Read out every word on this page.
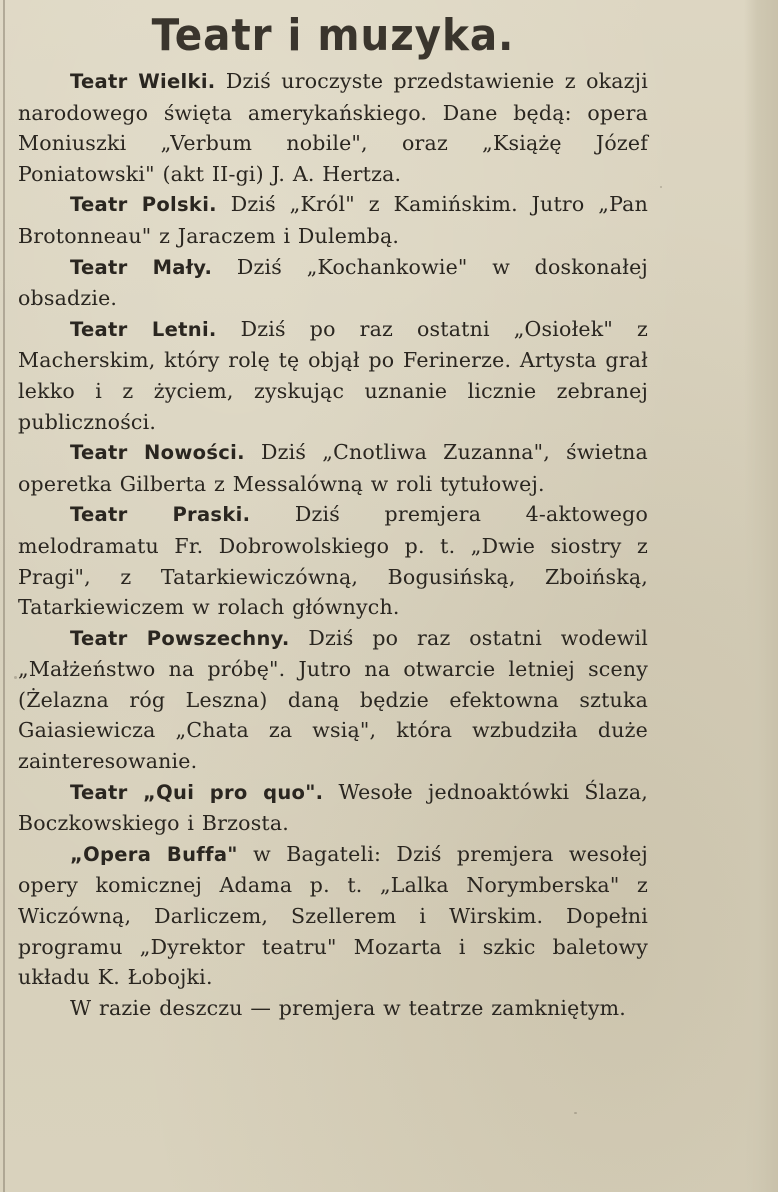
Teatr i muzyka.

Teatr Wielki. Dziś uroczyste przedstawienie z okazji narodowego święta amerykańskiego. Dane będą: opera Moniuszki „Verbum nobile", oraz „Książę Józef Poniatowski" (akt II-gi) J. A. Hertza.

Teatr Polski. Dziś „Król" z Kamińskim. Jutro „Pan Brotonneau" z Jaraczem i Dulembą.

Teatr Mały. Dziś „Kochankowie" w doskonałej obsadzie.

Teatr Letni. Dziś po raz ostatni „Osiołek" z Macherskim, który rolę tę objął po Ferinerze. Artysta grał lekko i z życiem, zyskując uznanie licznie zebranej publiczności.

Teatr Nowości. Dziś „Cnotliwa Zuzanna", świetna operetka Gilberta z Messalówną w roli tytułowej.

Teatr Praski. Dziś premjera 4-aktowego melodramatu Fr. Dobrowolskiego p. t. „Dwie siostry z Pragi", z Tatarkiewiczówną, Bogusińską, Zboińską, Tatarkiewiczem w rolach głównych.

Teatr Powszechny. Dziś po raz ostatni wodewil „Małżeństwo na próbę". Jutro na otwarcie letniej sceny (Żelazna róg Leszna) daną będzie efektowna sztuka Gaiasiewicza „Chata za wsią", która wzbudziła duże zainteresowanie.

Teatr „Qui pro quo". Wesołe jednoaktówki Ślaza, Boczkowskiego i Brzosta.

„Opera Buffa" w Bagateli: Dziś premjera wesołej opery komicznej Adama p. t. „Lalka Norymberska" z Wiczówną, Darliczem, Szellerem i Wirskim. Dopełni programu „Dyrektor teatru" Mozarta i szkic baletowy układu K. Łobojki.

W razie deszczu — premjera w teatrze zamkniętym.
